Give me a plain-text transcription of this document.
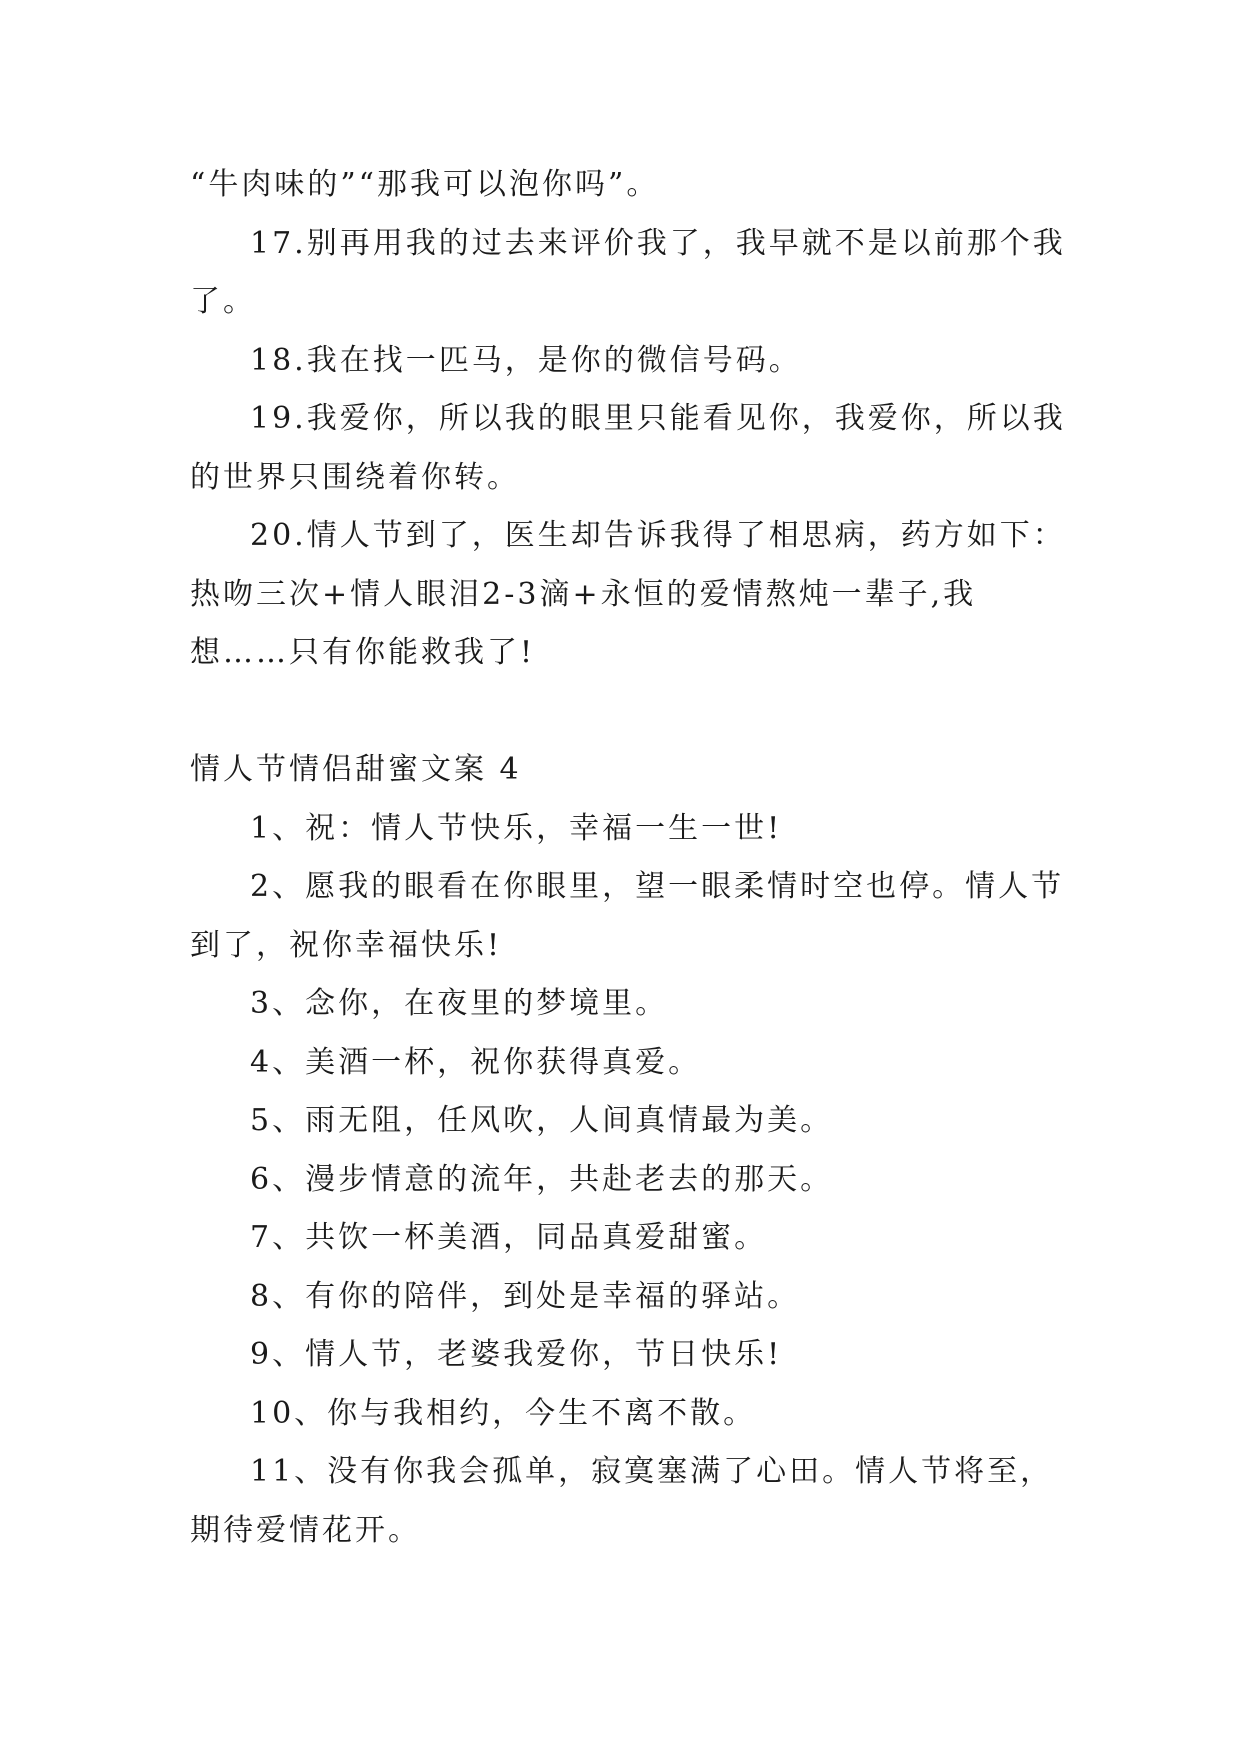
“牛肉味的”“那我可以泡你吗”。

17.别再用我的过去来评价我了，我早就不是以前那个我了。

18.我在找一匹马，是你的微信号码。

19.我爱你，所以我的眼里只能看见你，我爱你，所以我的世界只围绕着你转。

20.情人节到了，医生却告诉我得了相思病，药方如下：热吻三次+情人眼泪2-3滴+永恒的爱情熬炖一辈子,我想……只有你能救我了!

情人节情侣甜蜜文案 4

1、祝：情人节快乐，幸福一生一世!

2、愿我的眼看在你眼里，望一眼柔情时空也停。情人节到了，祝你幸福快乐!

3、念你，在夜里的梦境里。

4、美酒一杯，祝你获得真爱。

5、雨无阻，任风吹，人间真情最为美。

6、漫步情意的流年，共赴老去的那天。

7、共饮一杯美酒，同品真爱甜蜜。

8、有你的陪伴，到处是幸福的驿站。

9、情人节，老婆我爱你，节日快乐!

10、你与我相约，今生不离不散。

11、没有你我会孤单，寂寞塞满了心田。情人节将至，期待爱情花开。
